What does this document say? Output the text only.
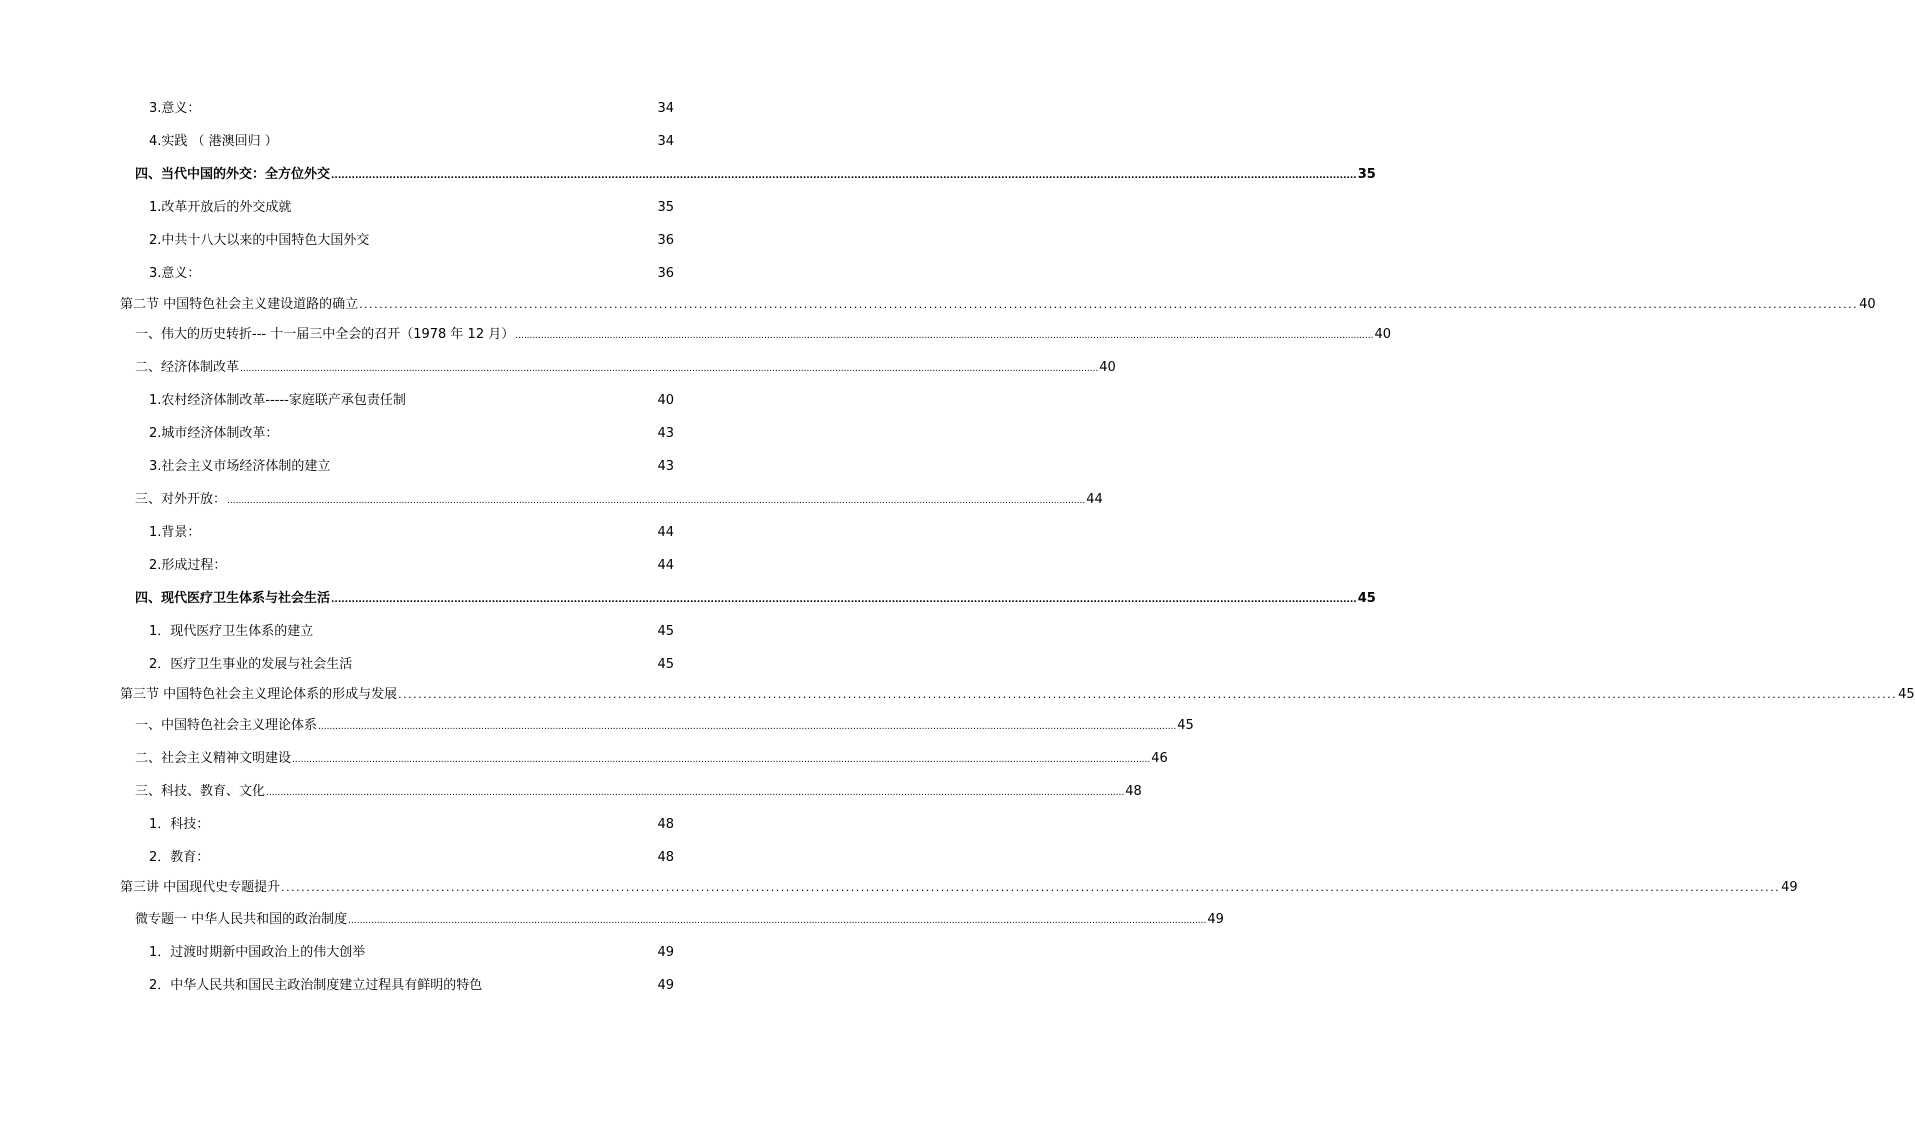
3.意义：	34
4.实践 （ 港澳回归 ）	34
四、当代中国的外交：全方位外交 ............................................................................................................................................................................................................................................................................................................ 35
1.改革开放后的外交成就	35
2.中共十八大以来的中国特色大国外交	36
3.意义：	36
第二节 中国特色社会主义建设道路的确立 ............................................................................................................................................................................................................................................................................................................ 40
一、伟大的历史转折--- 十一届三中全会的召开（1978 年 12 月） ............................................................................................................................................................................................................................................................................................................ 40
二、经济体制改革 ............................................................................................................................................................................................................................................................................................................ 40
1.农村经济体制改革-----家庭联产承包责任制	40
2.城市经济体制改革：	43
3.社会主义市场经济体制的建立	43
三、对外开放： ............................................................................................................................................................................................................................................................................................................ 44
1.背景：	44
2.形成过程：	44
四、现代医疗卫生体系与社会生活 ............................................................................................................................................................................................................................................................................................................ 45
1．现代医疗卫生体系的建立	45
2．医疗卫生事业的发展与社会生活	45
第三节 中国特色社会主义理论体系的形成与发展 ............................................................................................................................................................................................................................................................................................................ 45
一、中国特色社会主义理论体系 ............................................................................................................................................................................................................................................................................................................ 45
二、社会主义精神文明建设 ............................................................................................................................................................................................................................................................................................................ 46
三、科技、教育、文化 ............................................................................................................................................................................................................................................................................................................ 48
1．科技：	48
2．教育：	48
第三讲 中国现代史专题提升 ............................................................................................................................................................................................................................................................................................................ 49
微专题一 中华人民共和国的政治制度 ............................................................................................................................................................................................................................................................................................................ 49
1．过渡时期新中国政治上的伟大创举	49
2．中华人民共和国民主政治制度建立过程具有鲜明的特色	49
